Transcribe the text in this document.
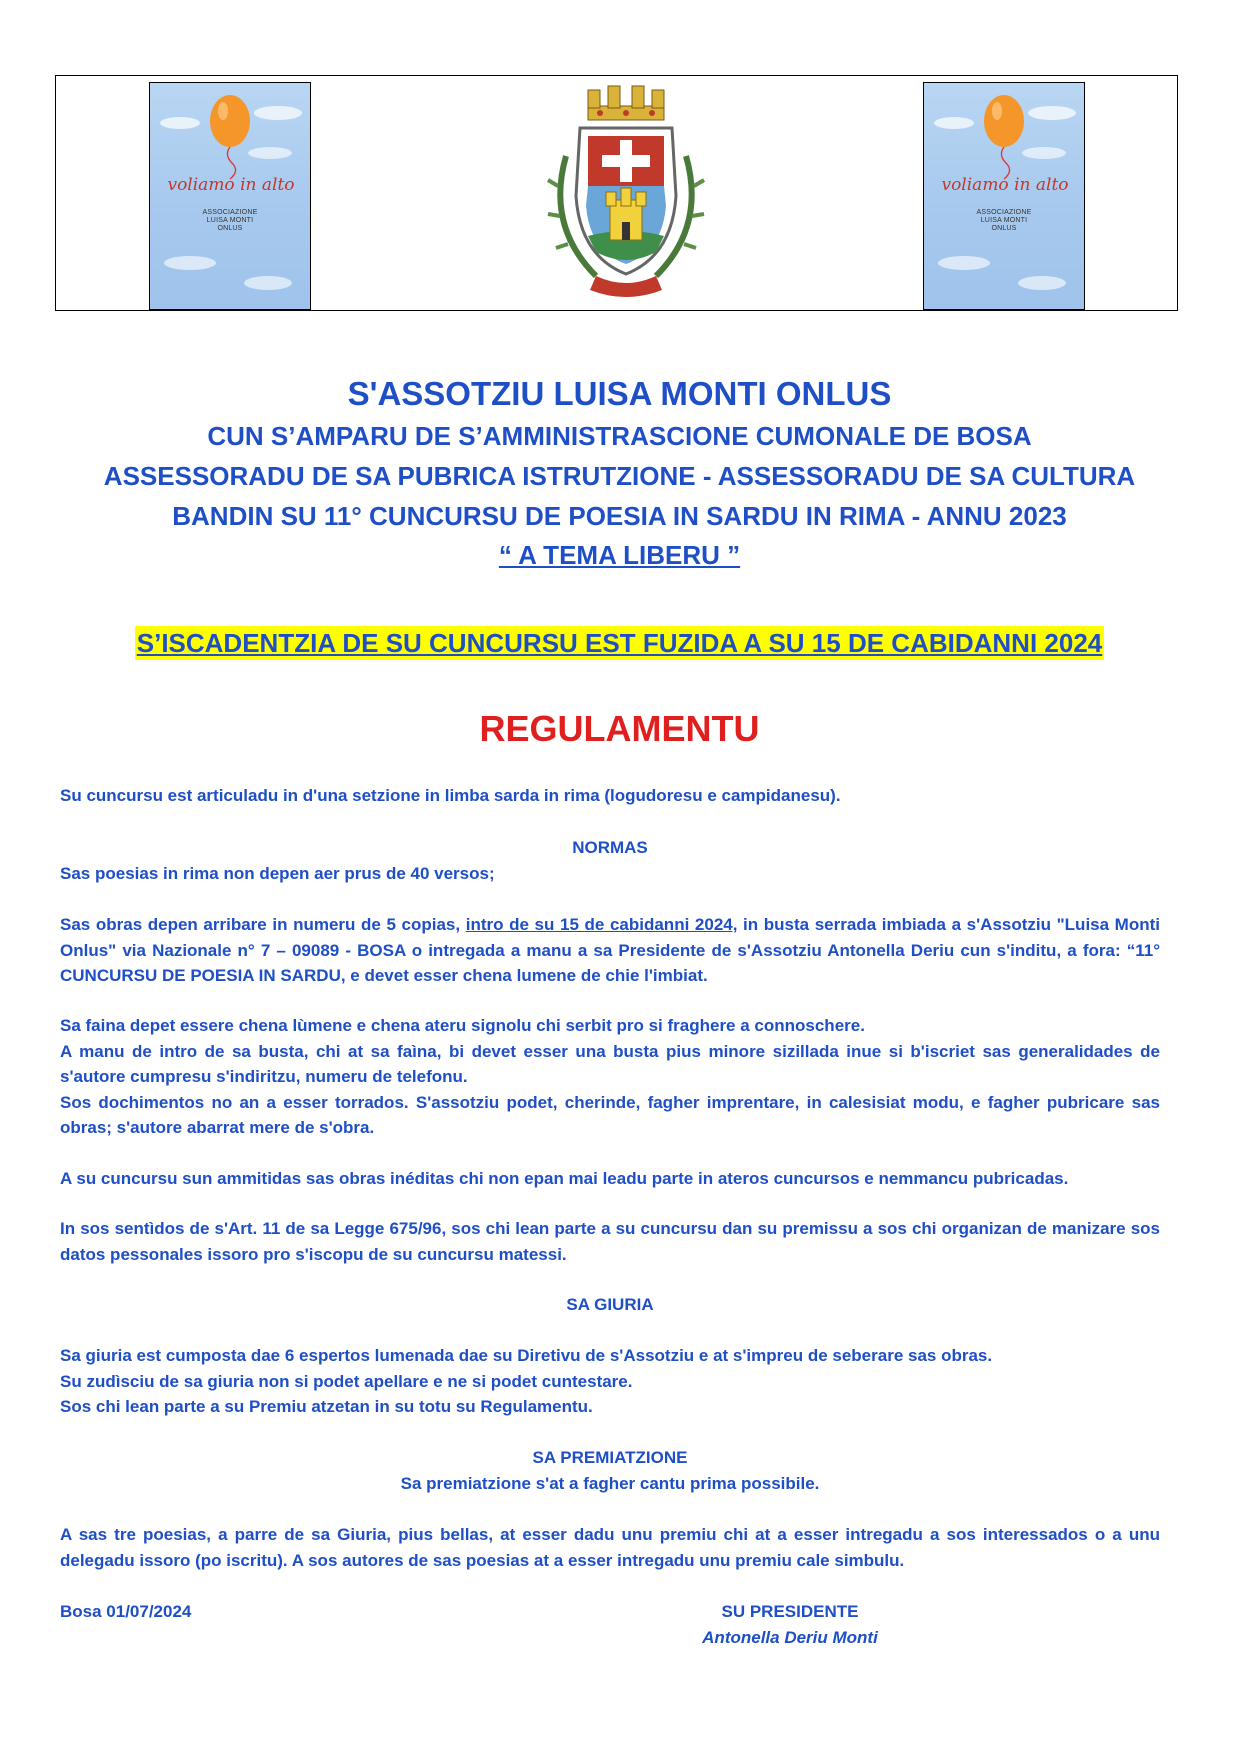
voliamo in alto
ASSOCIAZIONE
LUISA MONTI
ONLUS
voliamo in alto
ASSOCIAZIONE
LUISA MONTI
ONLUS
S'ASSOTZIU LUISA MONTI ONLUS
CUN S’AMPARU DE S’AMMINISTRASCIONE CUMONALE DE BOSA
ASSESSORADU DE SA PUBRICA ISTRUTZIONE - ASSESSORADU DE SA CULTURA
BANDIN SU 11° CUNCURSU DE POESIA IN SARDU IN RIMA - ANNU 2023
“ A TEMA LIBERU ”
S’ISCADENTZIA DE SU CUNCURSU EST FUZIDA A SU 15 DE CABIDANNI 2024
REGULAMENTU
Su cuncursu est articuladu in d'una setzione in limba sarda in rima (logudoresu e campidanesu).
NORMAS
Sas poesias in rima non depen aer prus de 40 versos;
Sas obras depen arribare in numeru de 5 copias, intro de su 15 de cabidanni 2024, in busta serrada imbiada a s'Assotziu "Luisa Monti Onlus" via Nazionale n° 7 – 09089 - BOSA o intregada a manu a sa Presidente de s'Assotziu Antonella Deriu cun s'inditu, a fora: “11° CUNCURSU DE POESIA IN SARDU, e devet esser chena lumene de chie l'imbiat.
Sa faina depet essere chena lùmene e chena ateru signolu chi serbit pro si fraghere a connoschere.
A manu de intro de sa busta, chi at sa faìna, bi devet esser una busta pius minore sizillada inue si b'iscriet sas generalidades de s'autore cumpresu s'indiritzu, numeru de telefonu.
Sos dochimentos no an a esser torrados. S'assotziu podet, cherinde, fagher imprentare, in calesisiat modu, e fagher pubricare sas obras; s'autore abarrat mere de s'obra.
A su cuncursu sun ammitidas sas obras inéditas chi non epan mai leadu parte in ateros cuncursos e nemmancu pubricadas.
In sos sentìdos de s'Art. 11 de sa Legge 675/96, sos chi lean parte a su cuncursu dan su premissu a sos chi organizan de manizare sos datos pessonales issoro pro s'iscopu de su cuncursu matessi.
SA GIURIA
Sa giuria est cumposta dae 6 espertos lumenada dae su Diretivu de s'Assotziu e at s'impreu de seberare sas obras.
Su zudìsciu de sa giuria non si podet apellare e ne si podet cuntestare.
Sos chi lean parte a su Premiu atzetan in su totu su Regulamentu.
SA PREMIATZIONE
Sa premiatzione s'at a fagher cantu prima possibile.
A sas tre poesias, a parre de sa Giuria, pius bellas, at esser dadu unu premiu chi at a esser intregadu a sos interessados o a unu delegadu issoro (po iscritu). A sos autores de sas poesias at a esser intregadu unu premiu cale simbulu.
Bosa 01/07/2024	SU PRESIDENTE
Antonella Deriu Monti
